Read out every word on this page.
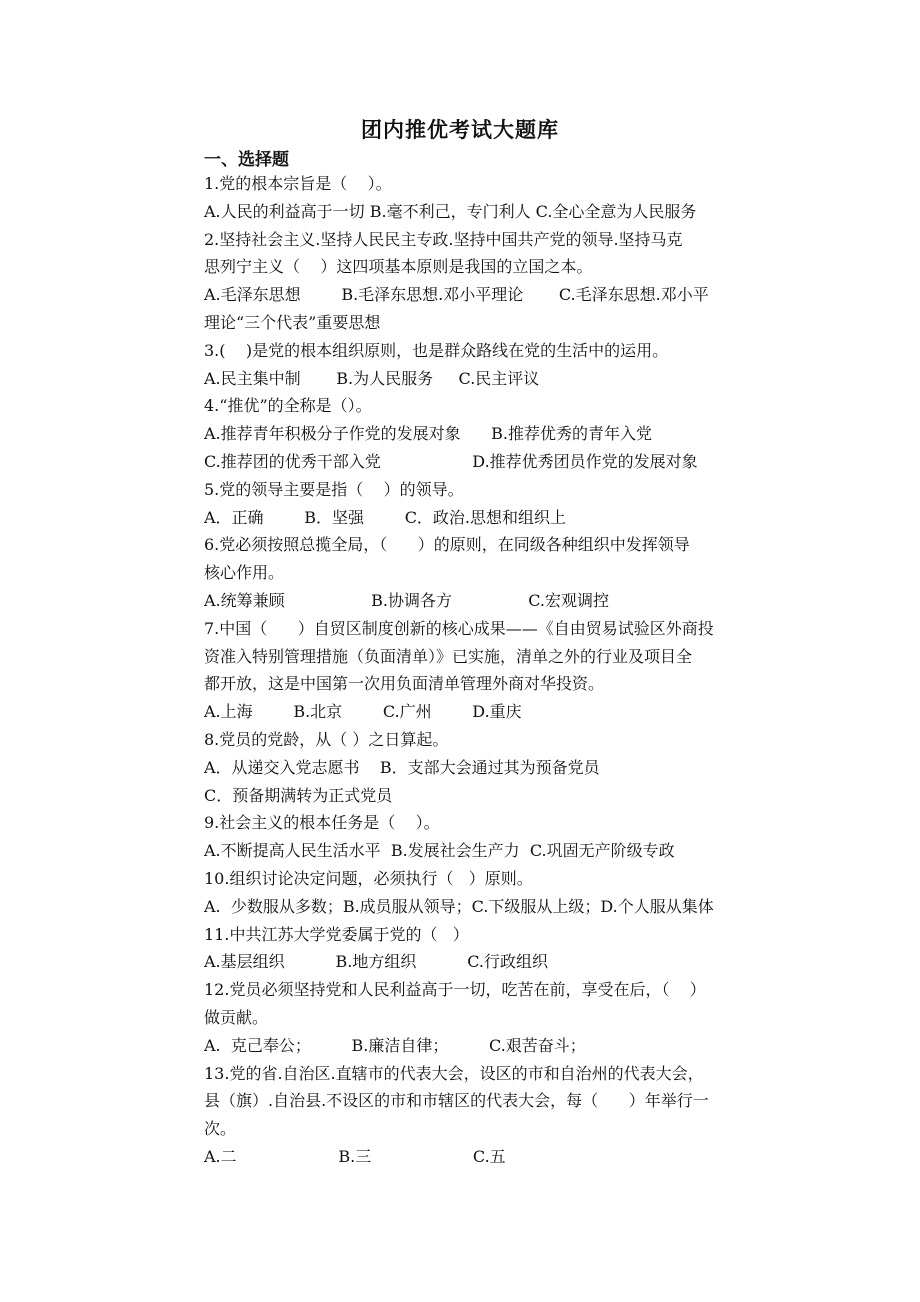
团内推优考试大题库
一、选择题
1.党的根本宗旨是（    ）。
A.人民的利益高于一切 B.毫不利己，专门利人 C.全心全意为人民服务
2.坚持社会主义.坚持人民民主专政.坚持中国共产党的领导.坚持马克
思列宁主义（    ）这四项基本原则是我国的立国之本。
A.毛泽东思想        B.毛泽东思想.邓小平理论       C.毛泽东思想.邓小平
理论“三个代表”重要思想
3.(    )是党的根本组织原则，也是群众路线在党的生活中的运用。
A.民主集中制       B.为人民服务     C.民主评议
4.“推优”的全称是（）。
A.推荐青年积极分子作党的发展对象      B.推荐优秀的青年入党
C.推荐团的优秀干部入党                  D.推荐优秀团员作党的发展对象
5.党的领导主要是指（    ）的领导。
A．正确        B．坚强        C．政治.思想和组织上
6.党必须按照总揽全局，（      ）的原则，在同级各种组织中发挥领导
核心作用。
A.统筹兼顾                 B.协调各方               C.宏观调控
7.中国（      ）自贸区制度创新的核心成果——《自由贸易试验区外商投
资准入特别管理措施（负面清单）》已实施，清单之外的行业及项目全
都开放，这是中国第一次用负面清单管理外商对华投资。
A.上海        B.北京        C.广州        D.重庆
8.党员的党龄，从（ ）之日算起。
A．从递交入党志愿书    B．支部大会通过其为预备党员
C．预备期满转为正式党员
9.社会主义的根本任务是（    ）。
A.不断提高人民生活水平  B.发展社会生产力  C.巩固无产阶级专政
10.组织讨论决定问题，必须执行（   ）原则。
A.  少数服从多数；B.成员服从领导；C.下级服从上级；D.个人服从集体
11.中共江苏大学党委属于党的（   ）
A.基层组织          B.地方组织          C.行政组织
12.党员必须坚持党和人民利益高于一切，吃苦在前，享受在后，（    ）
做贡献。
A.  克己奉公；        B.廉洁自律；        C.艰苦奋斗；
13.党的省.自治区.直辖市的代表大会，设区的市和自治州的代表大会，
县（旗）.自治县.不设区的市和市辖区的代表大会，每（      ）年举行一
次。
A.二                    B.三                    C.五
